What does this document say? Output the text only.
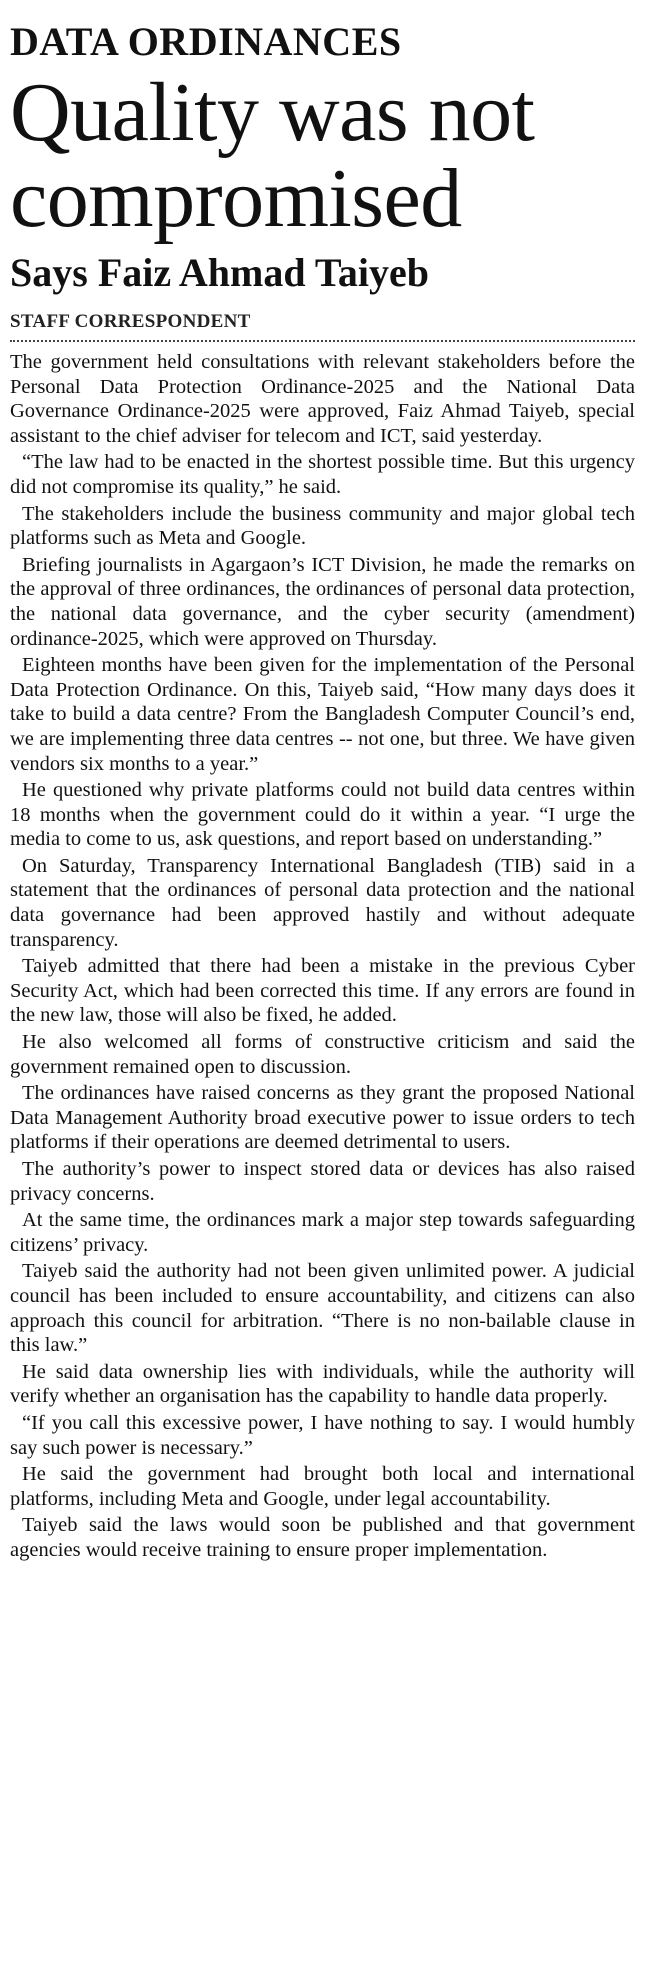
DATA ORDINANCES
Quality was not
compromised
Says Faiz Ahmad Taiyeb
STAFF CORRESPONDENT

The government held consultations with relevant stakeholders before the Personal Data Protection Ordinance-2025 and the National Data Governance Ordinance-2025 were approved, Faiz Ahmad Taiyeb, special assistant to the chief adviser for telecom and ICT, said yesterday.

“The law had to be enacted in the shortest possible time. But this urgency did not compromise its quality,” he said.

The stakeholders include the business community and major global tech platforms such as Meta and Google.

Briefing journalists in Agargaon’s ICT Division, he made the remarks on the approval of three ordinances, the ordinances of personal data protection, the national data governance, and the cyber security (amendment) ordinance-2025, which were approved on Thursday.

Eighteen months have been given for the implementation of the Personal Data Protection Ordinance. On this, Taiyeb said, “How many days does it take to build a data centre? From the Bangladesh Computer Council’s end, we are implementing three data centres -- not one, but three. We have given vendors six months to a year.”

He questioned why private platforms could not build data centres within 18 months when the government could do it within a year. “I urge the media to come to us, ask questions, and report based on understanding.”

On Saturday, Transparency International Bangladesh (TIB) said in a statement that the ordinances of personal data protection and the national data governance had been approved hastily and without adequate transparency.

Taiyeb admitted that there had been a mistake in the previous Cyber Security Act, which had been corrected this time. If any errors are found in the new law, those will also be fixed, he added.

He also welcomed all forms of constructive criticism and said the government remained open to discussion.

The ordinances have raised concerns as they grant the proposed National Data Management Authority broad executive power to issue orders to tech platforms if their operations are deemed detrimental to users.

The authority’s power to inspect stored data or devices has also raised privacy concerns.

At the same time, the ordinances mark a major step towards safeguarding citizens’ privacy.

Taiyeb said the authority had not been given unlimited power. A judicial council has been included to ensure accountability, and citizens can also approach this council for arbitration. “There is no non-bailable clause in this law.”

He said data ownership lies with individuals, while the authority will verify whether an organisation has the capability to handle data properly.

“If you call this excessive power, I have nothing to say. I would humbly say such power is necessary.”

He said the government had brought both local and international platforms, including Meta and Google, under legal accountability.

Taiyeb said the laws would soon be published and that government agencies would receive training to ensure proper implementation.
